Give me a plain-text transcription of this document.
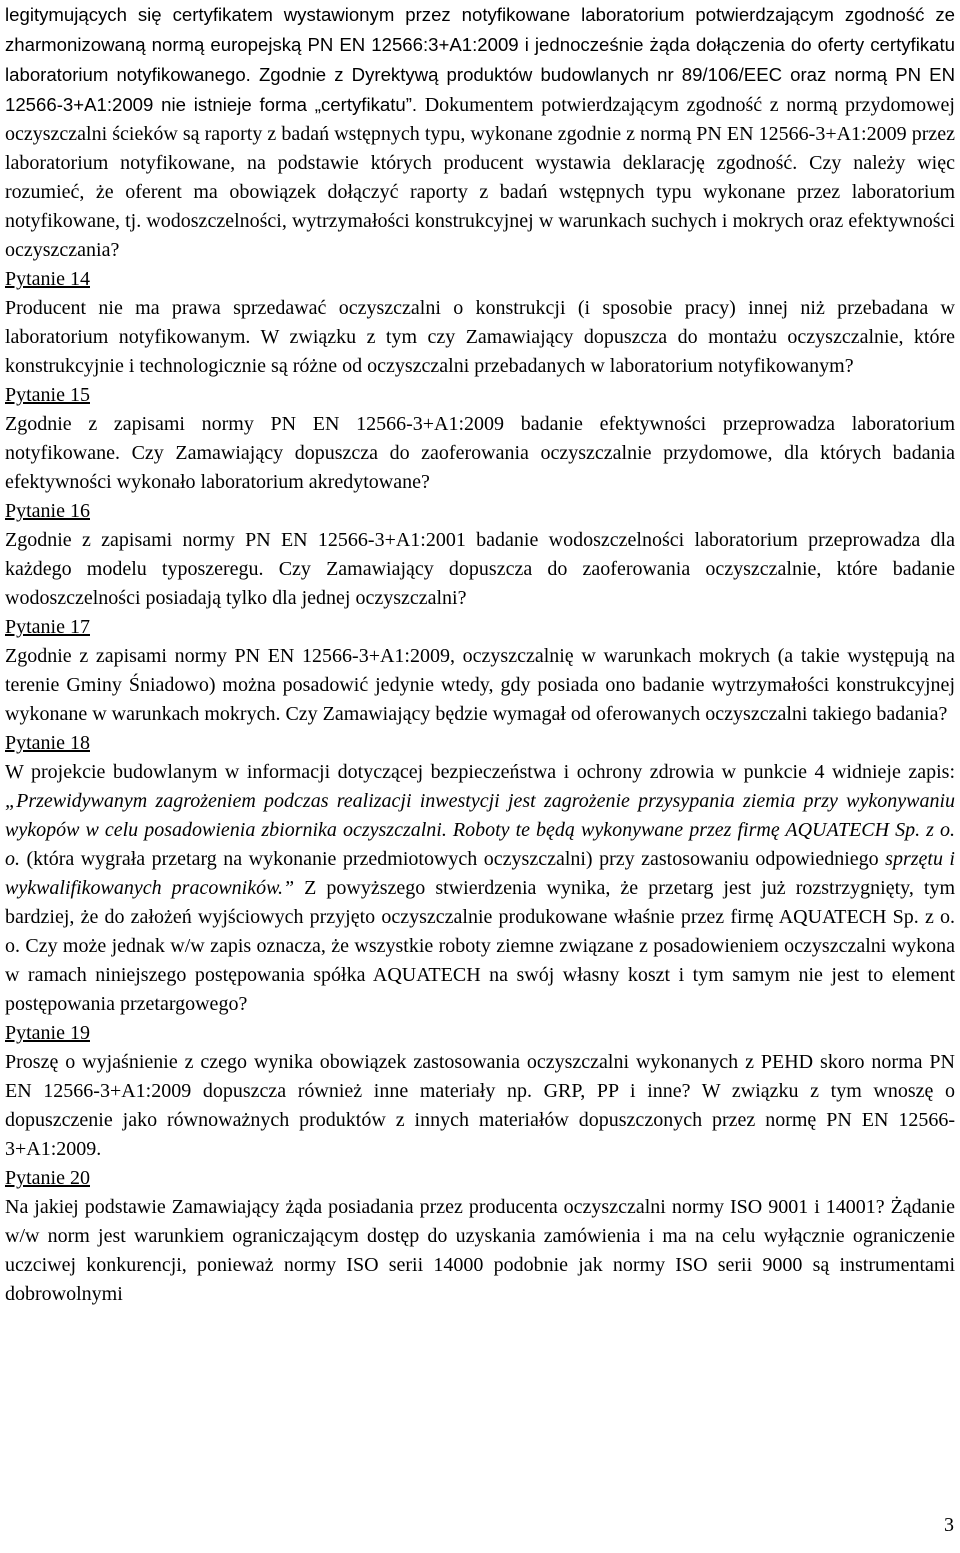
legitymujących się certyfikatem wystawionym przez notyfikowane laboratorium potwierdzającym zgodność ze zharmonizowaną normą europejską PN EN 12566:3+A1:2009 i jednocześnie żąda dołączenia do oferty certyfikatu laboratorium notyfikowanego. Zgodnie z Dyrektywą produktów budowlanych nr 89/106/EEC oraz normą PN EN 12566-3+A1:2009 nie istnieje forma „certyfikatu”. Dokumentem potwierdzającym zgodność z normą przydomowej oczyszczalni ścieków są raporty z badań wstępnych typu, wykonane zgodnie z normą PN EN 12566-3+A1:2009 przez laboratorium notyfikowane, na podstawie których producent wystawia deklarację zgodność. Czy należy więc rozumieć, że oferent ma obowiązek dołączyć raporty z badań wstępnych typu wykonane przez laboratorium notyfikowane, tj. wodoszczelności, wytrzymałości konstrukcyjnej w warunkach suchych i mokrych oraz efektywności oczyszczania?

Pytanie 14

Producent nie ma prawa sprzedawać oczyszczalni o konstrukcji (i sposobie pracy) innej niż przebadana w laboratorium notyfikowanym. W związku z tym czy Zamawiający dopuszcza do montażu oczyszczalnie, które konstrukcyjnie i technologicznie są różne od oczyszczalni przebadanych w laboratorium notyfikowanym?

Pytanie 15

Zgodnie z zapisami normy PN EN 12566-3+A1:2009 badanie efektywności przeprowadza laboratorium notyfikowane. Czy Zamawiający dopuszcza do zaoferowania oczyszczalnie przydomowe, dla których badania efektywności wykonało laboratorium akredytowane?

Pytanie 16

Zgodnie z zapisami normy PN EN 12566-3+A1:2001 badanie wodoszczelności laboratorium przeprowadza dla każdego modelu typoszeregu. Czy Zamawiający dopuszcza do zaoferowania oczyszczalnie, które badanie wodoszczelności posiadają tylko dla jednej oczyszczalni?

Pytanie 17

Zgodnie z zapisami normy PN EN 12566-3+A1:2009, oczyszczalnię w warunkach mokrych (a takie występują na terenie Gminy Śniadowo) można posadowić jedynie wtedy, gdy posiada ono badanie wytrzymałości konstrukcyjnej wykonane w warunkach mokrych. Czy Zamawiający będzie wymagał od oferowanych oczyszczalni takiego badania?

Pytanie 18

W projekcie budowlanym w informacji dotyczącej bezpieczeństwa i ochrony zdrowia w punkcie 4 widnieje zapis: „Przewidywanym zagrożeniem podczas realizacji inwestycji jest zagrożenie przysypania ziemia przy wykonywaniu wykopów w celu posadowienia zbiornika oczyszczalni. Roboty te będą wykonywane przez firmę AQUATECH Sp. z o. o. (która wygrała przetarg na wykonanie przedmiotowych oczyszczalni) przy zastosowaniu odpowiedniego sprzętu i wykwalifikowanych pracowników.” Z powyższego stwierdzenia wynika, że przetarg jest już rozstrzygnięty, tym bardziej, że do założeń wyjściowych przyjęto oczyszczalnie produkowane właśnie przez firmę AQUATECH Sp. z o. o. Czy może jednak w/w zapis oznacza, że wszystkie roboty ziemne związane z posadowieniem oczyszczalni wykona w ramach niniejszego postępowania spółka AQUATECH na swój własny koszt i tym samym nie jest to element postępowania przetargowego?

Pytanie 19

Proszę o wyjaśnienie z czego wynika obowiązek zastosowania oczyszczalni wykonanych z PEHD skoro norma PN EN 12566-3+A1:2009 dopuszcza również inne materiały np. GRP, PP i inne? W związku z tym wnoszę o dopuszczenie jako równoważnych produktów z innych materiałów dopuszczonych przez normę PN EN 12566-3+A1:2009.

Pytanie 20

Na jakiej podstawie Zamawiający żąda posiadania przez producenta oczyszczalni normy ISO 9001 i 14001? Żądanie w/w norm jest warunkiem ograniczającym dostęp do uzyskania zamówienia i ma na celu wyłącznie ograniczenie uczciwej konkurencji, ponieważ normy ISO serii 14000 podobnie jak normy ISO serii 9000 są instrumentami dobrowolnymi

3
